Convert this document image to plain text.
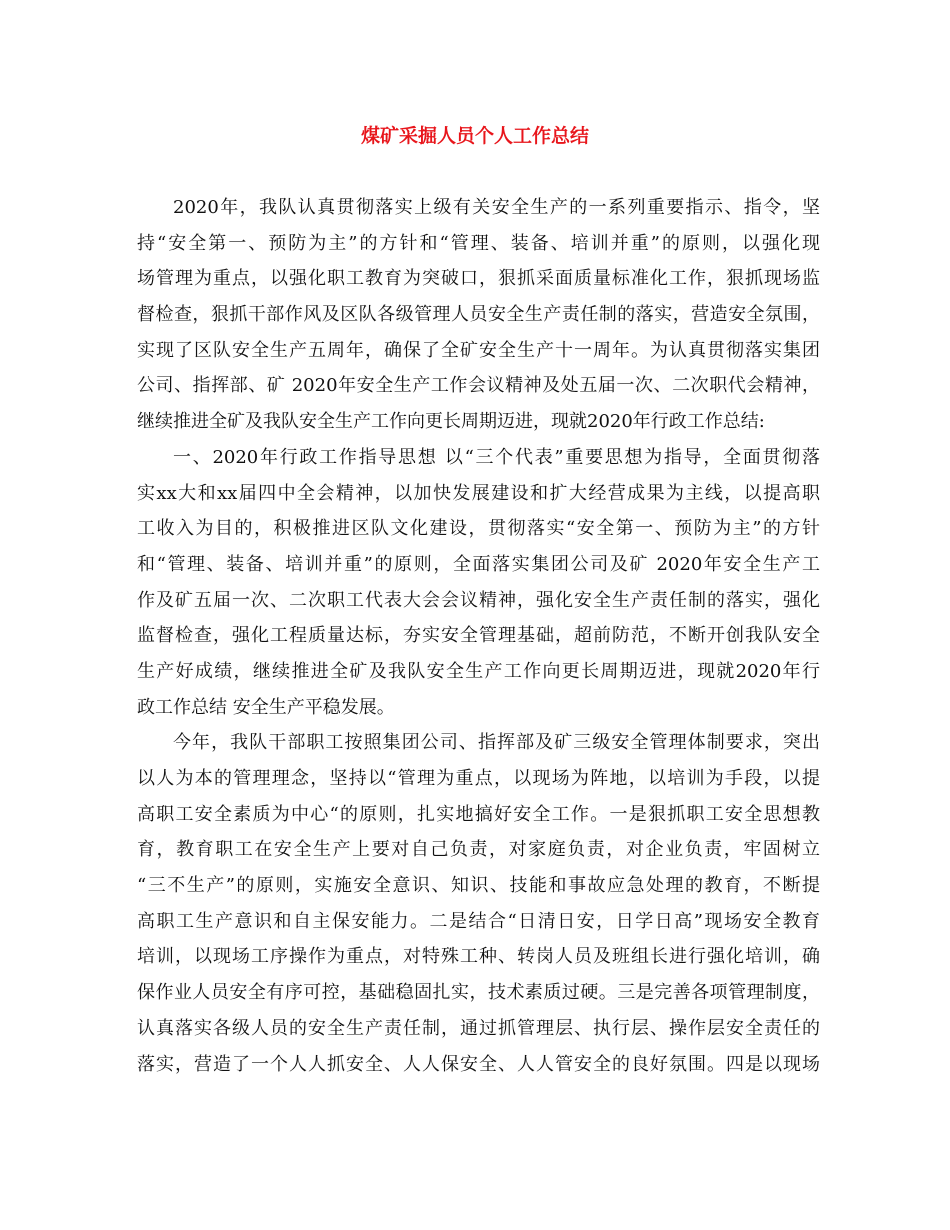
煤矿采掘人员个人工作总结

2020年，我队认真贯彻落实上级有关安全生产的一系列重要指示、指令，坚
持“安全第一、预防为主”的方针和“管理、装备、培训并重”的原则，以强化现
场管理为重点，以强化职工教育为突破口，狠抓采面质量标准化工作，狠抓现场监
督检查，狠抓干部作风及区队各级管理人员安全生产责任制的落实，营造安全氛围，
实现了区队安全生产五周年，确保了全矿安全生产十一周年。为认真贯彻落实集团
公司、指挥部、矿 2020年安全生产工作会议精神及处五届一次、二次职代会精神，
继续推进全矿及我队安全生产工作向更长周期迈进，现就2020年行政工作总结:

一、2020年行政工作指导思想 以“三个代表”重要思想为指导，全面贯彻落
实xx大和xx届四中全会精神，以加快发展建设和扩大经营成果为主线，以提高职
工收入为目的，积极推进区队文化建设，贯彻落实“安全第一、预防为主”的方针
和“管理、装备、培训并重”的原则，全面落实集团公司及矿 2020年安全生产工
作及矿五届一次、二次职工代表大会会议精神，强化安全生产责任制的落实，强化
监督检查，强化工程质量达标，夯实安全管理基础，超前防范，不断开创我队安全
生产好成绩，继续推进全矿及我队安全生产工作向更长周期迈进，现就2020年行
政工作总结 安全生产平稳发展。

今年，我队干部职工按照集团公司、指挥部及矿三级安全管理体制要求，突出
以人为本的管理理念，坚持以“管理为重点，以现场为阵地，以培训为手段，以提
高职工安全素质为中心“的原则，扎实地搞好安全工作。一是狠抓职工安全思想教
育，教育职工在安全生产上要对自己负责，对家庭负责，对企业负责，牢固树立
“三不生产”的原则，实施安全意识、知识、技能和事故应急处理的教育，不断提
高职工生产意识和自主保安能力。二是结合“日清日安，日学日高”现场安全教育
培训，以现场工序操作为重点，对特殊工种、转岗人员及班组长进行强化培训，确
保作业人员安全有序可控，基础稳固扎实，技术素质过硬。三是完善各项管理制度，
认真落实各级人员的安全生产责任制，通过抓管理层、执行层、操作层安全责任的
落实，营造了一个人人抓安全、人人保安全、人人管安全的良好氛围。四是以现场
